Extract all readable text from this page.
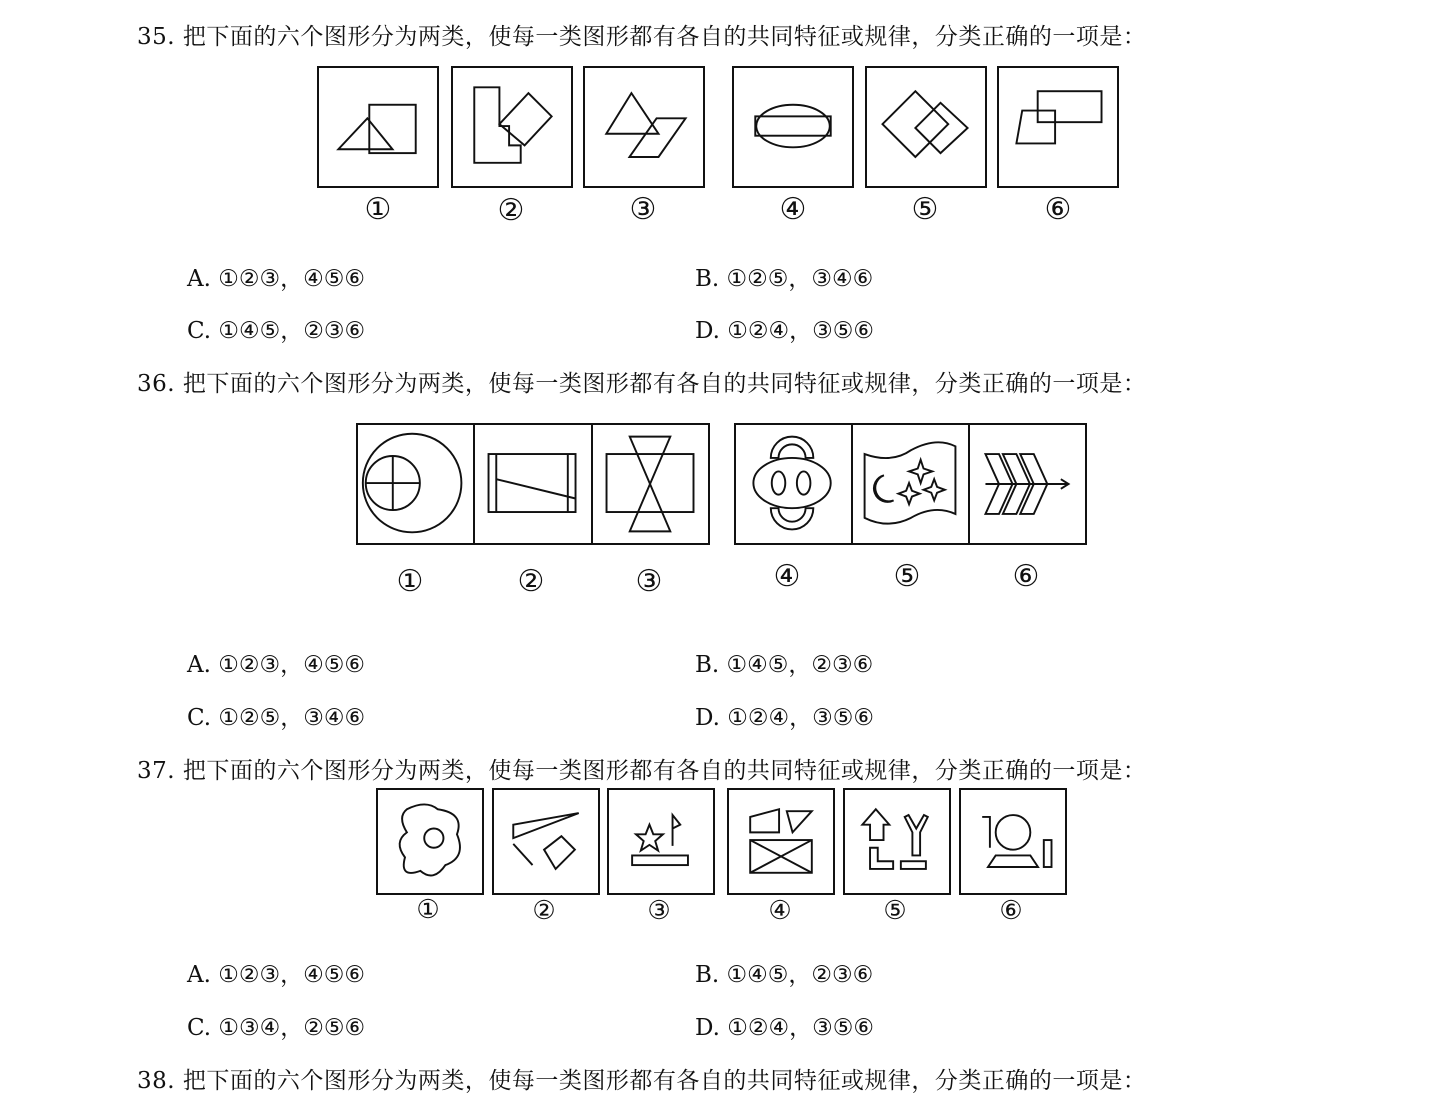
35. 把下面的六个图形分为两类，使每一类图形都有各自的共同特征或规律，分类正确的一项是：
①	②	③	④	⑤	⑥
A. ①②③，④⑤⑥	B. ①②⑤，③④⑥
C. ①④⑤，②③⑥	D. ①②④，③⑤⑥
36. 把下面的六个图形分为两类，使每一类图形都有各自的共同特征或规律，分类正确的一项是：
①	②	③	④	⑤	⑥
A. ①②③，④⑤⑥	B. ①④⑤，②③⑥
C. ①②⑤，③④⑥	D. ①②④，③⑤⑥
37. 把下面的六个图形分为两类，使每一类图形都有各自的共同特征或规律，分类正确的一项是：
①	②	③	④	⑤	⑥
A. ①②③，④⑤⑥	B. ①④⑤，②③⑥
C. ①③④，②⑤⑥	D. ①②④，③⑤⑥
38. 把下面的六个图形分为两类，使每一类图形都有各自的共同特征或规律，分类正确的一项是：
